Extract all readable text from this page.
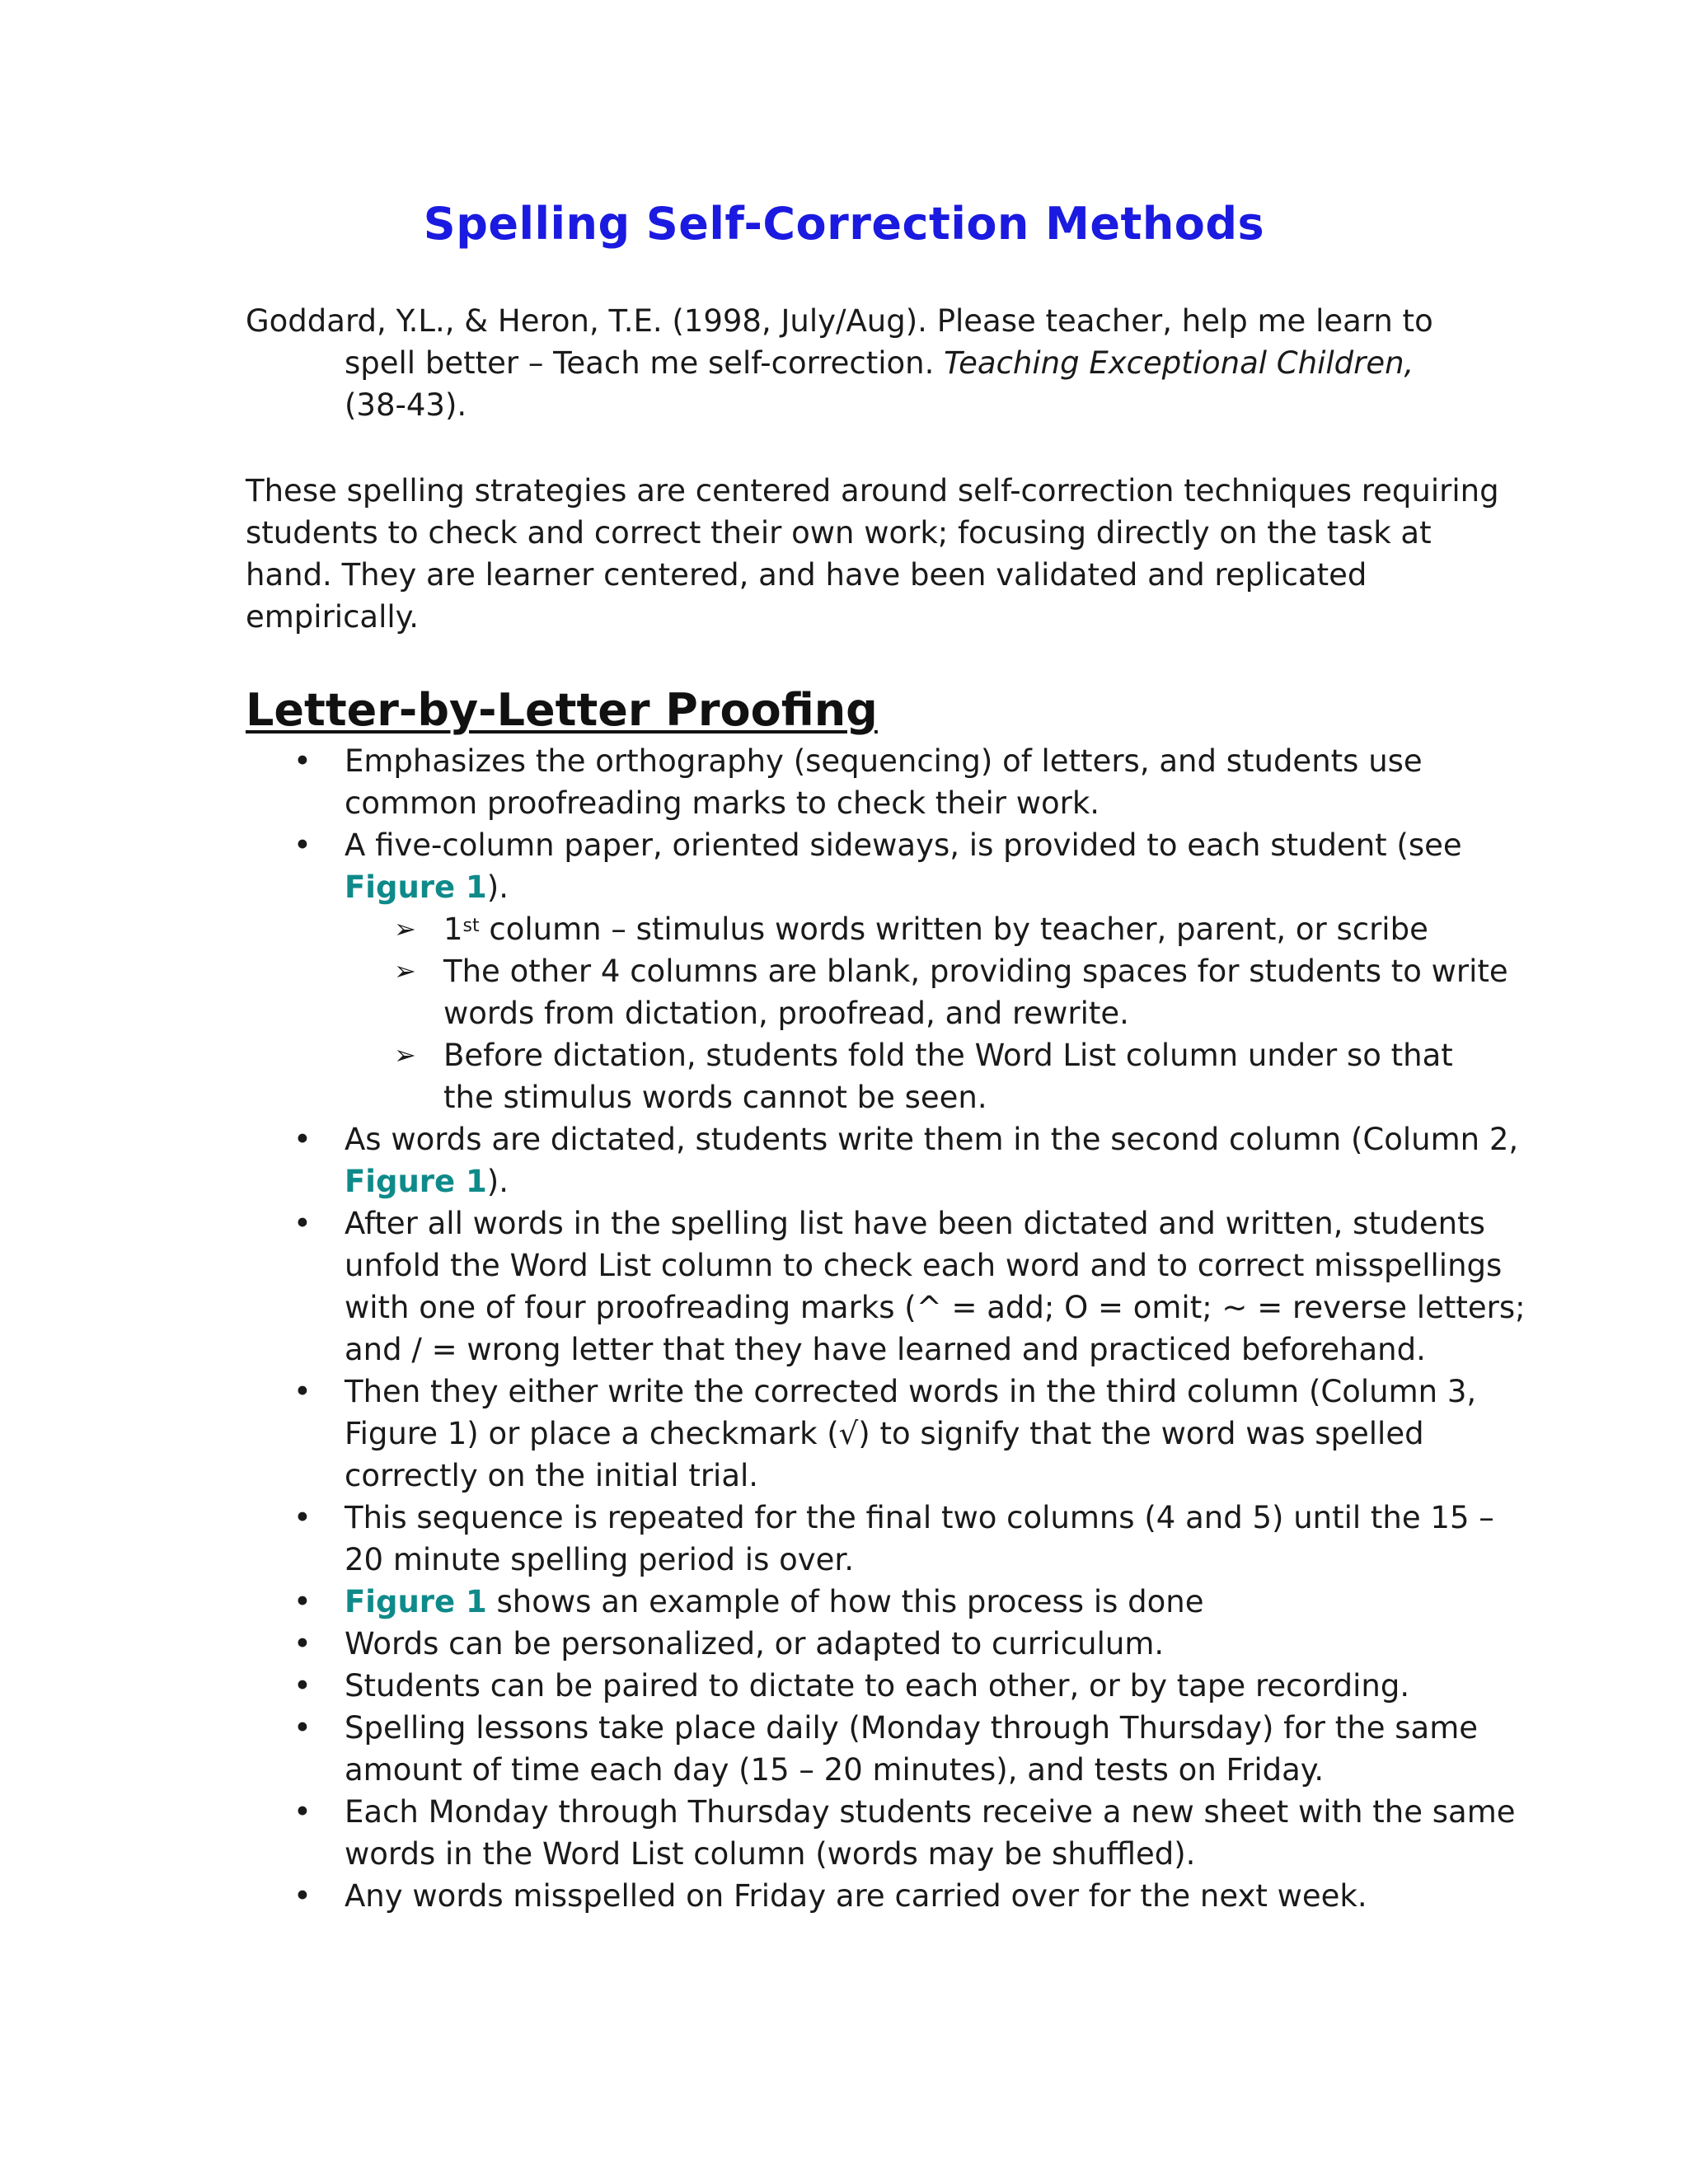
Spelling Self-Correction Methods
Goddard, Y.L., & Heron, T.E. (1998, July/Aug). Please teacher, help me learn to
spell better – Teach me self-correction. Teaching Exceptional Children,
(38-43).
These spelling strategies are centered around self-correction techniques requiring
students to check and correct their own work; focusing directly on the task at
hand. They are learner centered, and have been validated and replicated
empirically.
Letter-by-Letter Proofing
• Emphasizes the orthography (sequencing) of letters, and students use
common proofreading marks to check their work.
• A five-column paper, oriented sideways, is provided to each student (see
Figure 1).
➢ 1st column – stimulus words written by teacher, parent, or scribe
➢ The other 4 columns are blank, providing spaces for students to write
words from dictation, proofread, and rewrite.
➢ Before dictation, students fold the Word List column under so that
the stimulus words cannot be seen.
• As words are dictated, students write them in the second column (Column 2,
Figure 1).
• After all words in the spelling list have been dictated and written, students
unfold the Word List column to check each word and to correct misspellings
with one of four proofreading marks (^ = add; O = omit; ~ = reverse letters;
and / = wrong letter that they have learned and practiced beforehand.
• Then they either write the corrected words in the third column (Column 3,
Figure 1) or place a checkmark (√) to signify that the word was spelled
correctly on the initial trial.
• This sequence is repeated for the final two columns (4 and 5) until the 15 –
20 minute spelling period is over.
• Figure 1 shows an example of how this process is done
• Words can be personalized, or adapted to curriculum.
• Students can be paired to dictate to each other, or by tape recording.
• Spelling lessons take place daily (Monday through Thursday) for the same
amount of time each day (15 – 20 minutes), and tests on Friday.
• Each Monday through Thursday students receive a new sheet with the same
words in the Word List column (words may be shuffled).
• Any words misspelled on Friday are carried over for the next week.
